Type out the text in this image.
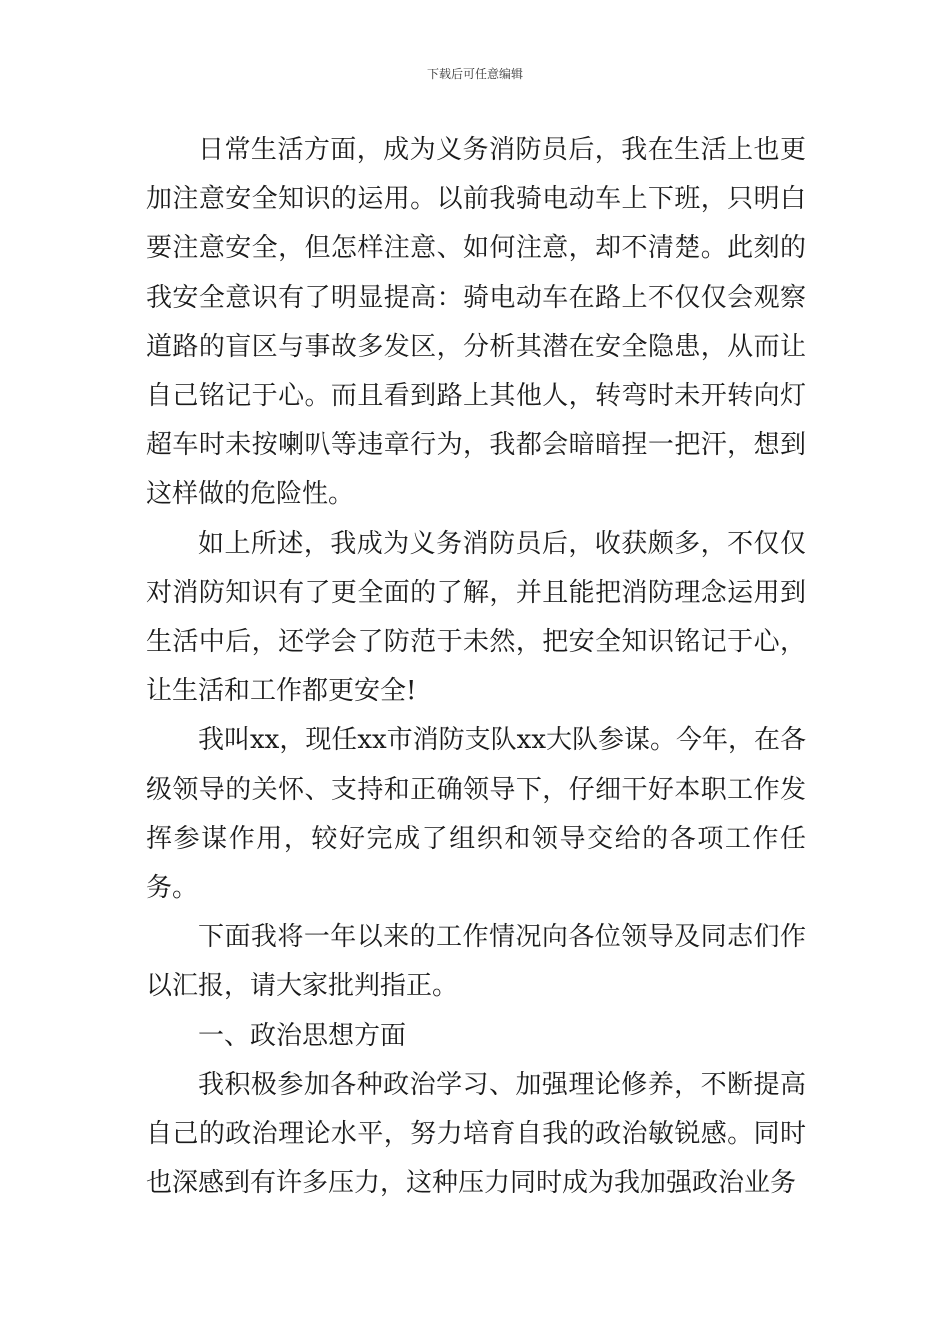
下载后可任意编辑

日常生活方面，成为义务消防员后，我在生活上也更加注意安全知识的运用。以前我骑电动车上下班，只明白要注意安全，但怎样注意、如何注意，却不清楚。此刻的我安全意识有了明显提高：骑电动车在路上不仅仅会观察道路的盲区与事故多发区，分析其潜在安全隐患，从而让自己铭记于心。而且看到路上其他人，转弯时未开转向灯超车时未按喇叭等违章行为，我都会暗暗捏一把汗，想到这样做的危险性。

如上所述，我成为义务消防员后，收获颇多，不仅仅对消防知识有了更全面的了解，并且能把消防理念运用到生活中后，还学会了防范于未然，把安全知识铭记于心，让生活和工作都更安全!

我叫xx，现任xx市消防支队xx大队参谋。今年，在各级领导的关怀、支持和正确领导下，仔细干好本职工作发挥参谋作用，较好完成了组织和领导交给的各项工作任务。

下面我将一年以来的工作情况向各位领导及同志们作以汇报，请大家批判指正。

一、政治思想方面

我积极参加各种政治学习、加强理论修养，不断提高自己的政治理论水平，努力培育自我的政治敏锐感。同时也深感到有许多压力，这种压力同时成为我加强政治业务
